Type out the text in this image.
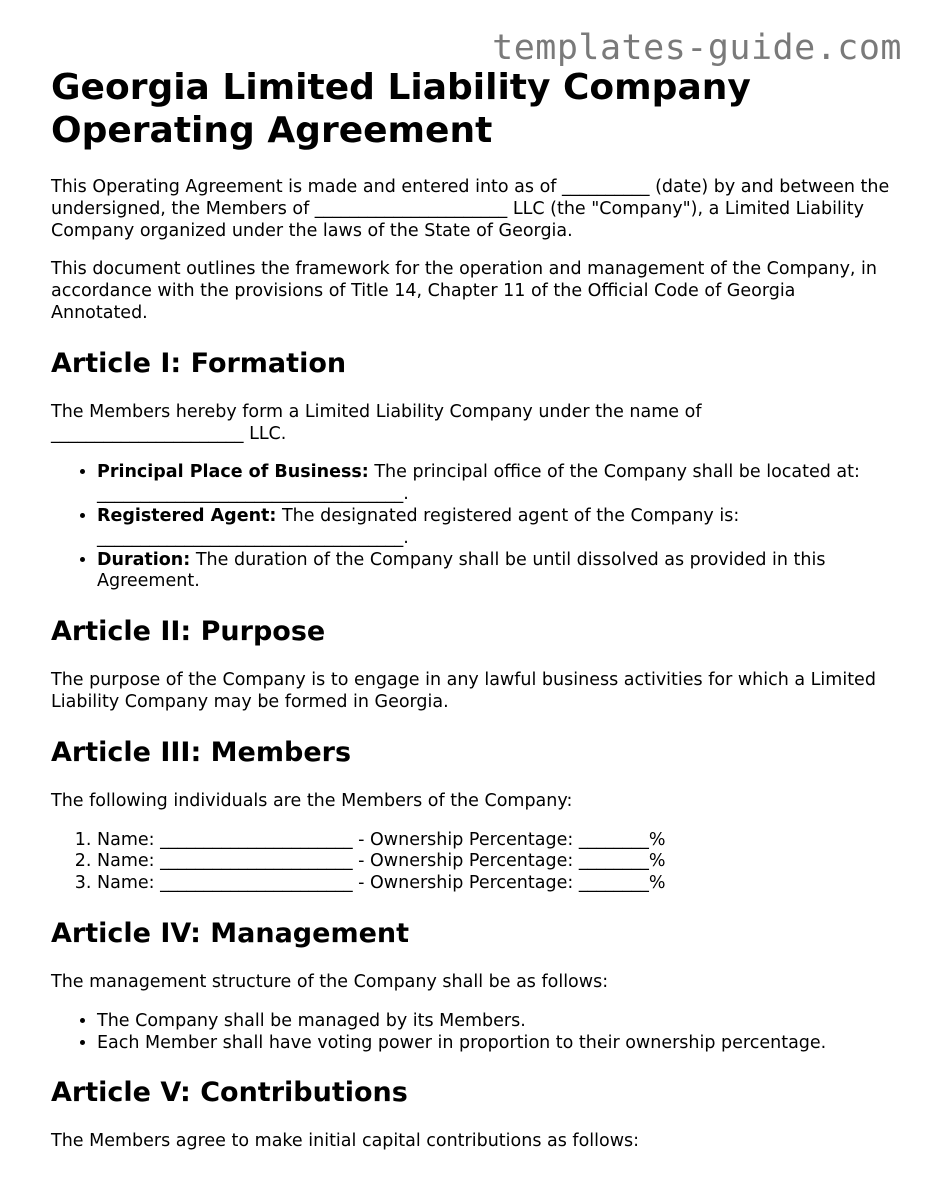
templates-guide.com
Georgia Limited Liability Company Operating Agreement

This Operating Agreement is made and entered into as of __________ (date) by and between the undersigned, the Members of ______________________ LLC (the "Company"), a Limited Liability Company organized under the laws of the State of Georgia.

This document outlines the framework for the operation and management of the Company, in accordance with the provisions of Title 14, Chapter 11 of the Official Code of Georgia Annotated.

Article I: Formation

The Members hereby form a Limited Liability Company under the name of ______________________ LLC.

• Principal Place of Business: The principal office of the Company shall be located at: ___________________________________.
• Registered Agent: The designated registered agent of the Company is: ___________________________________.
• Duration: The duration of the Company shall be until dissolved as provided in this Agreement.
Article II: Purpose

The purpose of the Company is to engage in any lawful business activities for which a Limited Liability Company may be formed in Georgia.

Article III: Members

The following individuals are the Members of the Company:

1. Name: ______________________ - Ownership Percentage: ________%
2. Name: ______________________ - Ownership Percentage: ________%
3. Name: ______________________ - Ownership Percentage: ________%
Article IV: Management

The management structure of the Company shall be as follows:

• The Company shall be managed by its Members.
• Each Member shall have voting power in proportion to their ownership percentage.
Article V: Contributions

The Members agree to make initial capital contributions as follows:
